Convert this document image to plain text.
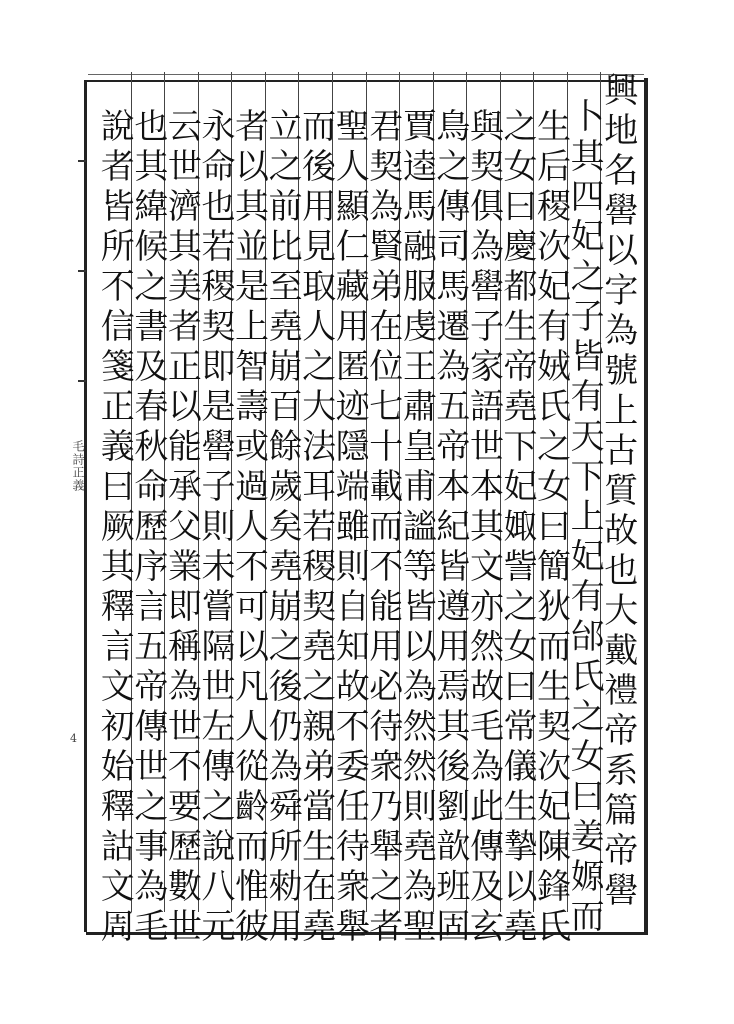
毛詩正義
4	興地名嚳以字為號上古質故也大戴禮帝系篇帝嚳
卜其四妃之子皆有天下上妃有邰氏之女曰姜嫄而
生后稷次妃有娀氏之女曰簡狄而生契次妃陳鋒氏
之女曰慶都生帝堯下妃娵訾之女曰常儀生摯以堯
與契俱為嚳子家語世本其文亦然故毛為此傳及玄
鳥之傳司馬遷為五帝本紀皆遵用焉其後劉歆班固
賈逵馬融服虔王肅皇甫謐等皆以為然然則堯為聖
君契為賢弟在位七十載而不能用必待衆乃舉之者
聖人顯仁藏用匿迹隱端雖則自知故不委任待衆舉
而後用見取人之大法耳若稷契堯之親弟當生在堯
立之前比至堯崩百餘歲矣堯崩之後仍為舜所勑用
者以其並是上智壽或過人不可以凡人從齡而惟彼
永命也若稷契即是嚳子則未嘗隔世左傳之說八元
云世濟其美者正以能承父業即稱為世不要歷數世
也其緯候之書及春秋命歷序言五帝傳世之事為毛
說者皆所不信箋正義曰厥其釋言文初始釋詁文周
